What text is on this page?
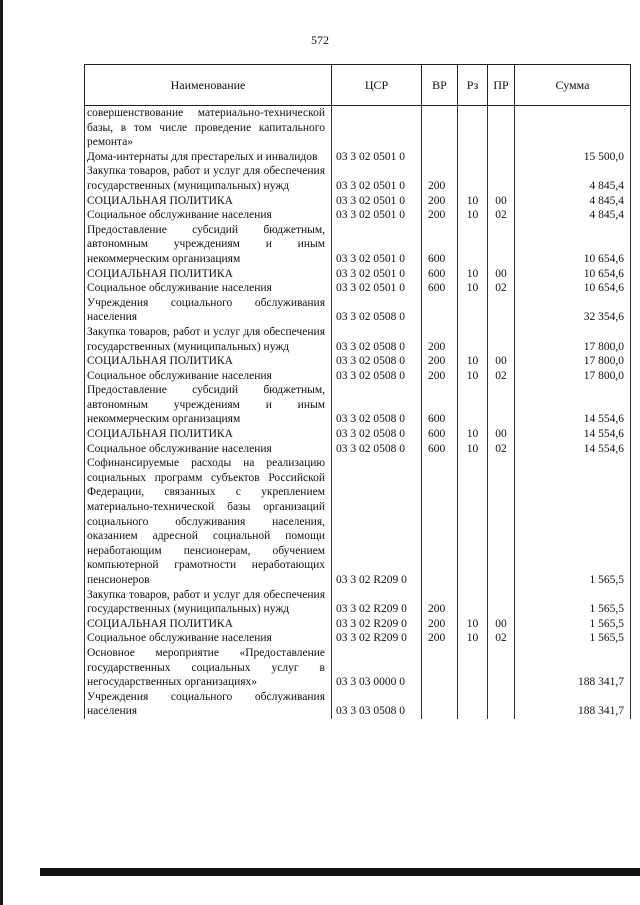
572
Наименование	ЦСР	ВР	Рз	ПР	Сумма
совершенствование материально-технической базы, в том числе проведение капитального ремонта»					
Дома-интернаты для престарелых и инвалидов	03 3 02 0501 0				15 500,0
Закупка товаров, работ и услуг для обеспечения государственных (муниципальных) нужд	03 3 02 0501 0	200			4 845,4
СОЦИАЛЬНАЯ ПОЛИТИКА	03 3 02 0501 0	200	10	00	4 845,4
Социальное обслуживание населения	03 3 02 0501 0	200	10	02	4 845,4
Предоставление субсидий бюджетным, автономным учреждениям и иным некоммерческим организациям	03 3 02 0501 0	600			10 654,6
СОЦИАЛЬНАЯ ПОЛИТИКА	03 3 02 0501 0	600	10	00	10 654,6
Социальное обслуживание населения	03 3 02 0501 0	600	10	02	10 654,6
Учреждения социального обслуживания населения	03 3 02 0508 0				32 354,6
Закупка товаров, работ и услуг для обеспечения государственных (муниципальных) нужд	03 3 02 0508 0	200			17 800,0
СОЦИАЛЬНАЯ ПОЛИТИКА	03 3 02 0508 0	200	10	00	17 800,0
Социальное обслуживание населения	03 3 02 0508 0	200	10	02	17 800,0
Предоставление субсидий бюджетным, автономным учреждениям и иным некоммерческим организациям	03 3 02 0508 0	600			14 554,6
СОЦИАЛЬНАЯ ПОЛИТИКА	03 3 02 0508 0	600	10	00	14 554,6
Социальное обслуживание населения	03 3 02 0508 0	600	10	02	14 554,6
Софинансируемые расходы на реализацию социальных программ субъектов Российской Федерации, связанных с укреплением материально-технической базы организаций социального обслуживания населения, оказанием адресной социальной помощи неработающим пенсионерам, обучением компьютерной грамотности неработающих пенсионеров	03 3 02 R209 0				1 565,5
Закупка товаров, работ и услуг для обеспечения государственных (муниципальных) нужд	03 3 02 R209 0	200			1 565,5
СОЦИАЛЬНАЯ ПОЛИТИКА	03 3 02 R209 0	200	10	00	1 565,5
Социальное обслуживание населения	03 3 02 R209 0	200	10	02	1 565,5
Основное мероприятие «Предоставление государственных социальных услуг в негосударственных организациях»	03 3 03 0000 0				188 341,7
Учреждения социального обслуживания населения	03 3 03 0508 0				188 341,7
